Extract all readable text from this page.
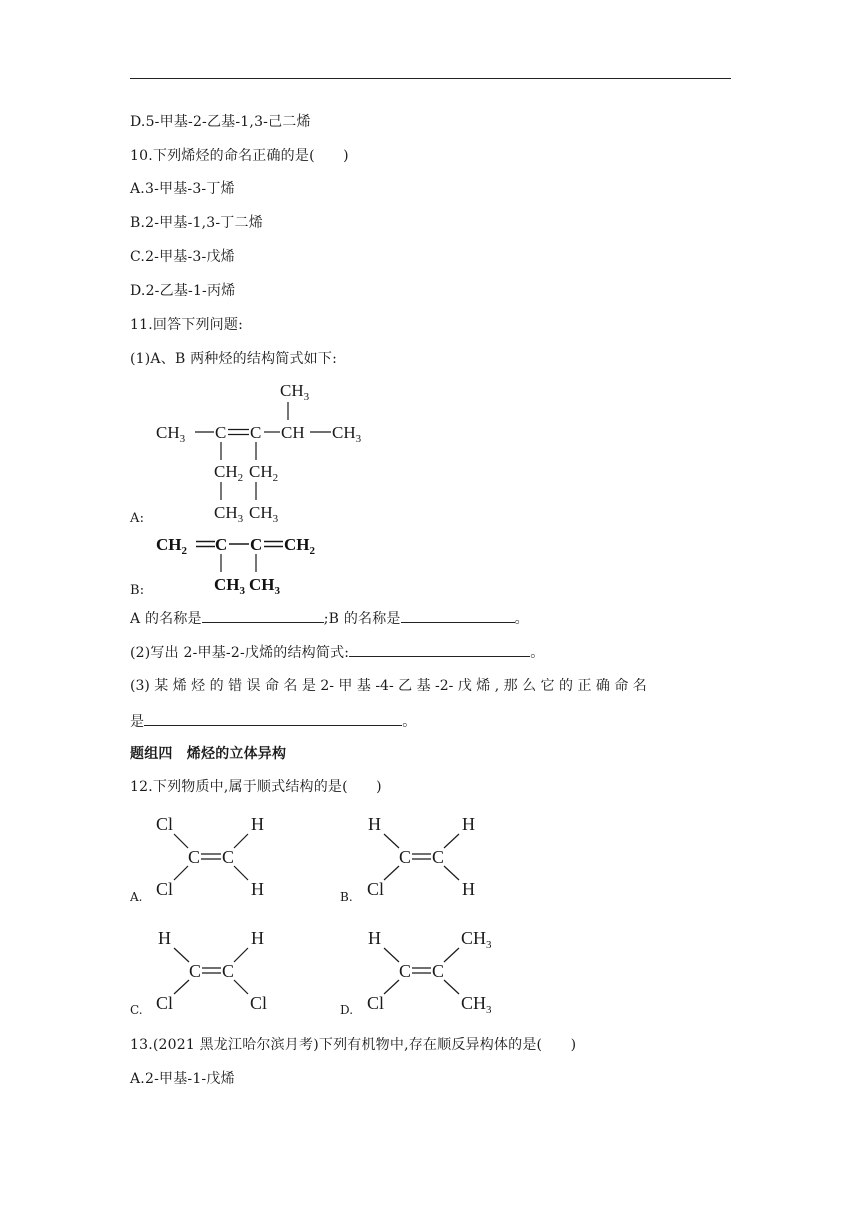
D.5-甲基-2-乙基-1,3-己二烯
10.下列烯烃的命名正确的是(　　)
A.3-甲基-3-丁烯
B.2-甲基-1,3-丁二烯
C.2-甲基-3-戊烯
D.2-乙基-1-丙烯
11.回答下列问题:
(1)A、B 两种烃的结构简式如下:
$CH_3$
$CH_3$ C C CH $CH_3$
$CH_2$ $CH_2$
$CH_3$ $CH_3$
A:
$CH_2$ C C $CH_2$
$CH_3$ $CH_3$
B:
A 的名称是	;B 的名称是	。
(2)写出 2-甲基-2-戊烯的结构简式:	。
(3) 某 烯 烃 的 错 误 命 名 是 2- 甲 基 -4- 乙 基 -2- 戊 烯 , 那 么 它 的 正 确 命 名
是	。
题组四　烯烃的立体异构
12.下列物质中,属于顺式结构的是(　　)
Cl	H
C C
Cl	H
A.
H	H
C C
Cl	H
B.
H	H
C C
Cl	Cl
C.
H	$CH_3$
C C
Cl	$CH_3$
D.
13.(2021 黑龙江哈尔滨月考)下列有机物中,存在顺反异构体的是(　　)
A.2-甲基-1-戊烯
